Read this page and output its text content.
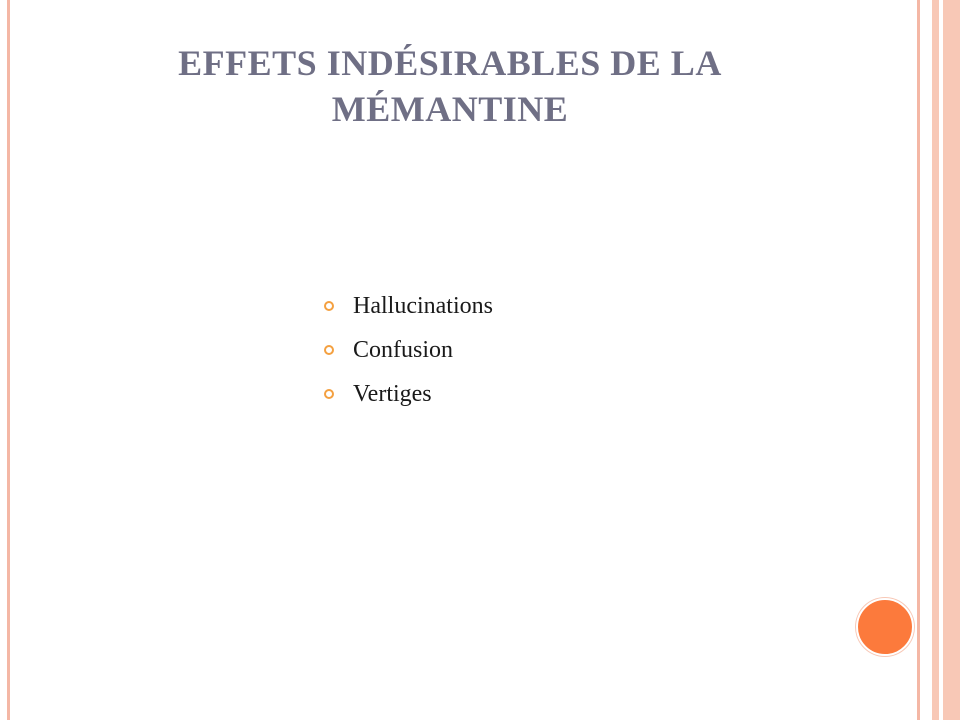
EFFETS INDÉSIRABLES DE LA MÉMANTINE
Hallucinations
Confusion
Vertiges
